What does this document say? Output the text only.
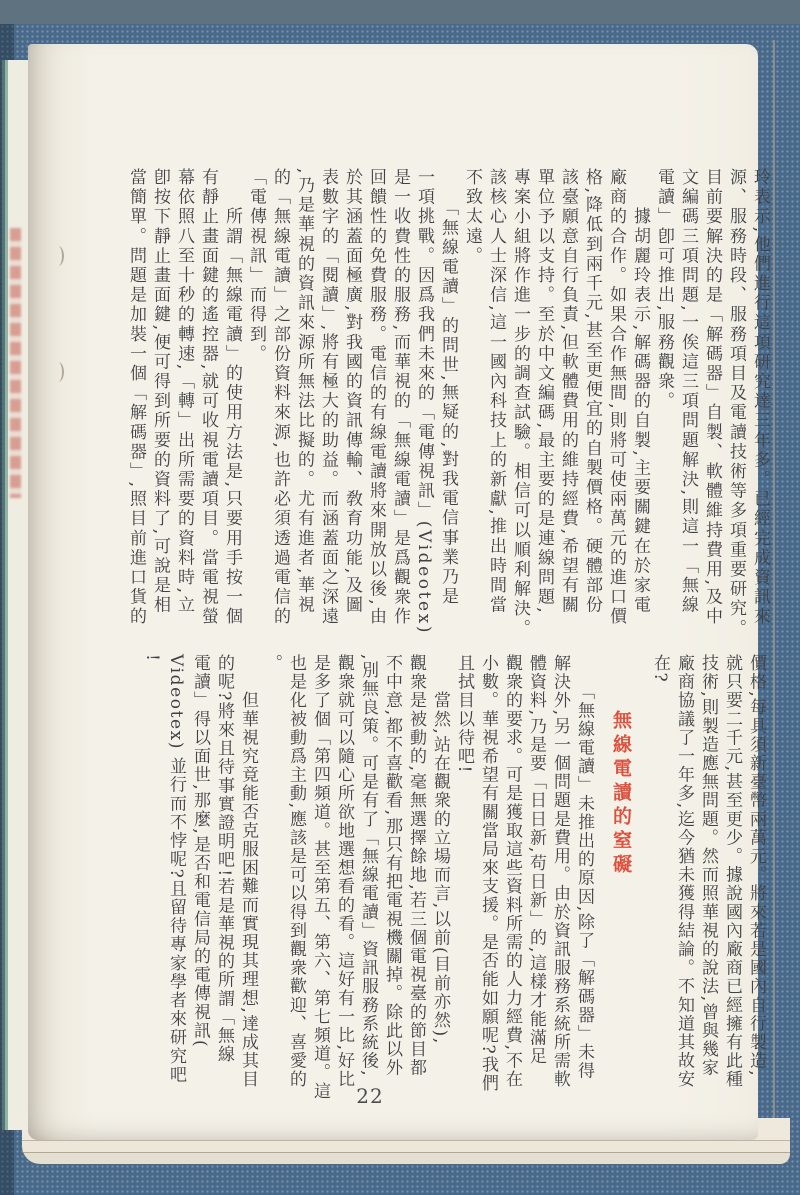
玲表示,他們進行這項研究達三年多。已經完成資訊來
源、服務時段、服務項目及電讀技術等多項重要研究。
目前要解決的是「解碼器」自製、軟體維持費用,及中
文編碼三項問題,一俟這三項問題解決,則這一「無線
電讀」卽可推出,服務觀衆。
　　據胡麗玲表示,解碼器的自製,主要關鍵在於家電
廠商的合作。如果合作無間,則將可使兩萬元的進口價
格,降低到兩千元,甚至更便宜的自製價格。硬體部份
該臺願意自行負責,但軟體費用的維持經費,希望有關
單位予以支持。至於中文編碼,最主要的是連線問題,
專案小組將作進一步的調查試驗。相信可以順利解決。
該核心人士深信,這一國內科技上的新獻,推出時間當
不致太遠。
　　「無線電讀」的問世,無疑的,對我電信事業乃是
一項挑戰。因爲我們未來的「電傳視訊」(Videotex)
是一收費性的服務,而華視的「無線電讀」是爲觀衆作
回饋性的免費服務。電信的有線電讀將來開放以後,由
於其涵蓋面極廣,對我國的資訊傳輸、敎育功能,及圖
表數字的「閱讀」,將有極大的助益。而涵蓋面之深遠
,乃是華視的資訊來源所無法比擬的。尤有進者,華視
的「無線電讀」之部份資料來源,也許必須透過電信的
「電傳視訊」而得到。
　　所謂「無線電讀」的使用方法是,只要用手按一個
有靜止畫面鍵的遙控器,就可收視電讀項目。當電視螢
幕依照八至十秒的轉速,「轉」出所需要的資料時,立
卽按下靜止畫面鍵,便可得到所要的資料了,可說是相
當簡單。問題是加裝一個「解碼器」,照目前進口貨的
價格,每具須新臺幣兩萬元。將來若是國內自行製造,
就只要二千元,甚至更少。據說國內廠商已經擁有此種
技術,則製造應無問題。然而照華視的說法,曾與幾家
廠商協議了一年多,迄今猶未獲得結論。不知道其故安
在?
無線電讀的窒礙
　　「無線電讀」未推出的原因,除了「解碼器」未得
解決外,另一個問題是費用。由於資訊服務系統所需軟
體資料,乃是要「日日新,苟日新」的,這樣才能滿足
觀衆的要求。可是獲取這些資料所需的人力經費,不在
小數。華視希望有關當局來支援。是否能如願呢?我們
且拭目以待吧!
　　當然,站在觀衆的立場而言,以前(目前亦然),
觀衆是被動的,毫無選擇餘地,若三個電視臺的節目都
不中意,都不喜歡看,那只有把電視機關掉。除此以外
,別無良策。可是有了「無線電讀」資訊服務系統後,
觀衆就可以隨心所欲地選想看的看。這好有一比,好比
是多了個「第四頻道。甚至第五、第六、第七頻道。這
也是化被動爲主動,應該是可以得到觀衆歡迎、喜愛的
。
　　但華視究竟能否克服困難而實現其理想,達成其目
的呢?將來且待事實證明吧!若是華視的所謂「無線
電讀」得以面世,那麼,是否和電信局的電傳視訊(
Videotex) 並行而不悖呢?且留待專家學者來研究吧
!
22
